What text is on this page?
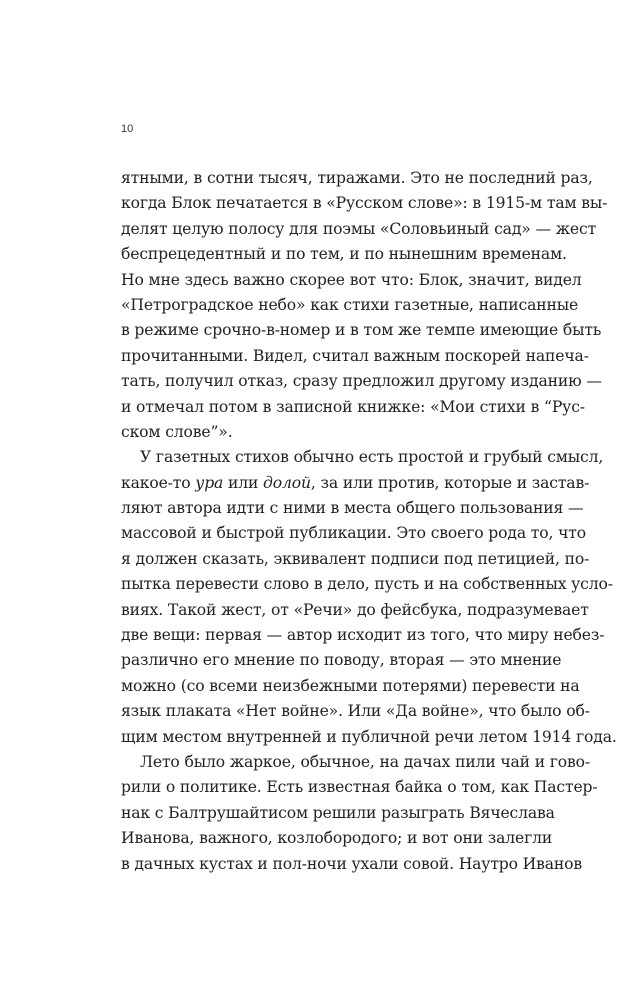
10
ятными, в сотни тысяч, тиражами. Это не последний раз,
когда Блок печатается в «Русском слове»: в 1915-м там вы-
делят целую полосу для поэмы «Соловьиный сад» — жест
беспрецедентный и по тем, и по нынешним временам.
Но мне здесь важно скорее вот что: Блок, значит, видел
«Петроградское небо» как стихи газетные, написанные
в режиме срочно-в-номер и в том же темпе имеющие быть
прочитанными. Видел, считал важным поскорей напеча-
тать, получил отказ, сразу предложил другому изданию —
и отмечал потом в записной книжке: «Мои стихи в “Рус-
ском слове”».
У газетных стихов обычно есть простой и грубый смысл,
какое-то ура или долой, за или против, которые и застав-
ляют автора идти с ними в места общего пользования —
массовой и быстрой публикации. Это своего рода то, что
я должен сказать, эквивалент подписи под петицией, по-
пытка перевести слово в дело, пусть и на собственных усло-
виях. Такой жест, от «Речи» до фейсбука, подразумевает
две вещи: первая — автор исходит из того, что миру небез-
различно его мнение по поводу, вторая — это мнение
можно (со всеми неизбежными потерями) перевести на
язык плаката «Нет войне». Или «Да войне», что было об-
щим местом внутренней и публичной речи летом 1914 года.
Лето было жаркое, обычное, на дачах пили чай и гово-
рили о политике. Есть известная байка о том, как Пастер-
нак с Балтрушайтисом решили разыграть Вячеслава
Иванова, важного, козлобородого; и вот они залегли
в дачных кустах и пол-ночи ухали совой. Наутро Иванов
